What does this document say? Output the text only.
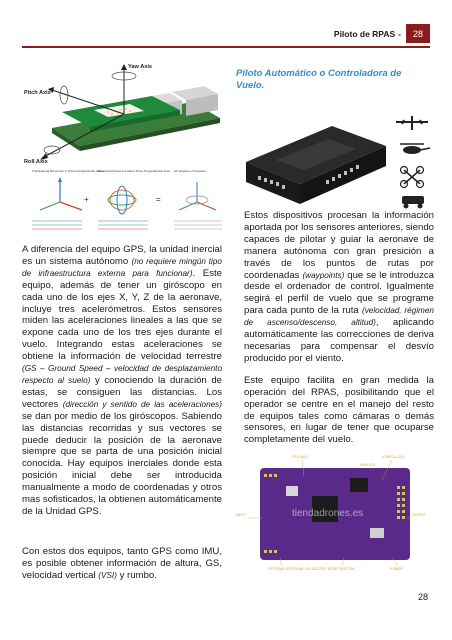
Piloto de RPAS -	28
Yaw Axis
Pitch Axis
Roll Axis
Translational Movement in Three Perpendicular Axes
Rotational Movement about Three Perpendicular Axes Six Degrees of Freedom
+	=
Piloto Automático o Controladora de Vuelo.

A diferencia del equipo GPS, la unidad inercial es un sistema autónomo (no requiere mingún tipo de infraestructura externa para funcionar). Este equipo, además de tener un giróscopo en cada uno de los ejes X, Y, Z de la aeronave, incluye tres acelerómetros. Estos sensores miden las aceleraciones lineales a las que se expone cada uno de los tres ejes durante el vuelo. Integrando estas aceleraciones se obtiene la información de velocidad terrestre (GS – Ground Speed – velocidad de desplazamiento respecto al suelo) y conociendo la duración de estas, se consiguen las distancias. Los vectores (dirección y sentido de las aceleraciones) se dan por medio de los giróscopos. Sabiendo las distancias recorridas y sus vectores se puede deducir la posición de la aeronave siempre que se parta de una posición inicial conocida. Hay equipos inerciales donde esta posición inicial debe ser introducida manualmente a modo de coordenadas y otros mas sofisticados, la obtienen automáticamente de la Unidad GPS.

Con estos dos equipos, tanto GPS como IMU, es posible obtener información de altura, GS, velocidad vertical (VSI) y rumbo.

Estos dispositivos procesan la información aportada por los sensores anteriores, siendo capaces de pilotar y guiar la aeronave de manera autónoma con gran presición a través de los puntos de rutas por coordenadas (waypoints) que se le introduzca desde el ordenador de control. Igualmente segirá el perfil de vuelo que se programe para cada punto de la ruta (velocidad, régimen de ascenso/descenso, altitud), aplicando automáticamente las correcciones de deriva necesarias para compensar el desvío producido por el viento.

Este equipo facilita en gran medida la operación del RPAS, posibilitando que el operador se centre en el manejo del resto de equipos tales como cámaras o demás sensores, en lugar de tener que ocuparse completamente del vuelo.

tiendadrones.es
GPS MAG	ATMEGA 32U2
INPUT	OUTPUT
OPTIONAL EXTERNAL LED BUZZER RESET BUTTON	POWER
ARM LED
28
